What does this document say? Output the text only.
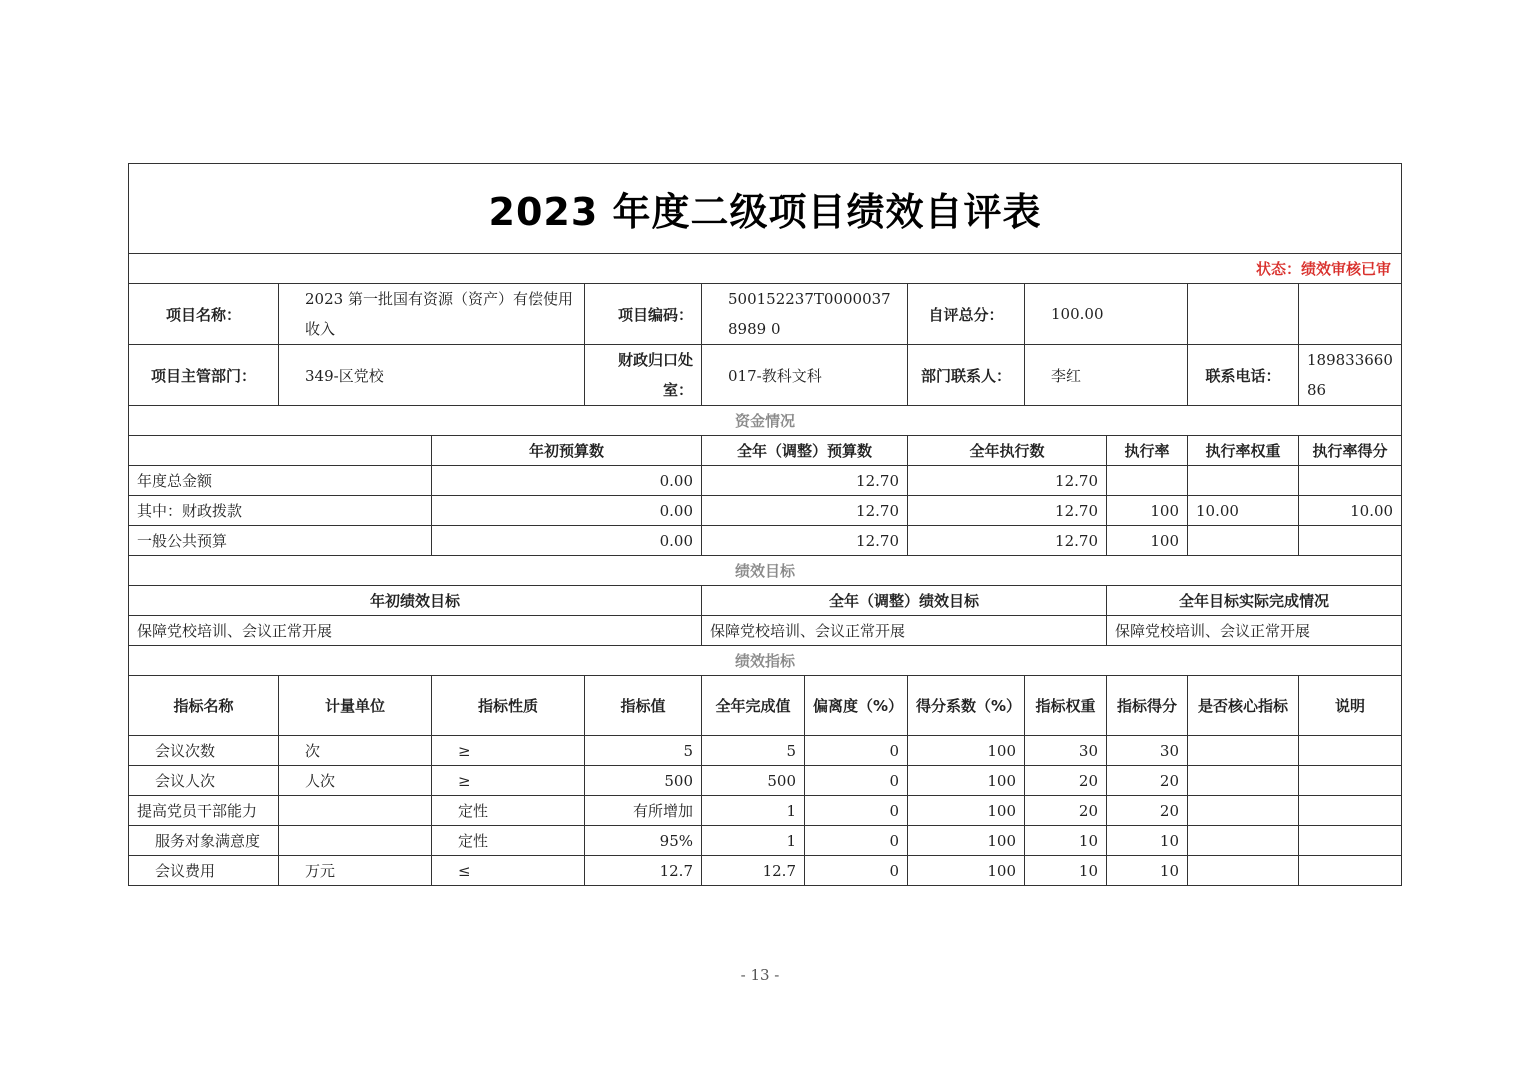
2023 年度二级项目绩效自评表										
状态：绩效审核已审										
项目名称：	2023 第一批国有资源（资产）有偿使用收入		项目编码：	500152237T00000378989 0		自评总分：	100.00			
项目主管部门：	349-区党校		财政归口处室：	017-教科文科		部门联系人：	李红		联系电话：	18983366086
资金情况										
		年初预算数		全年（调整）预算数		全年执行数		执行率	执行率权重	执行率得分
年度总金额		0.00		12.70		12.70				
其中：财政拨款		0.00		12.70		12.70		100	10.00	10.00
一般公共预算		0.00		12.70		12.70		100		
绩效目标										
年初绩效目标				全年（调整）绩效目标				全年目标实际完成情况		
保障党校培训、会议正常开展				保障党校培训、会议正常开展				保障党校培训、会议正常开展		
绩效指标										
指标名称	计量单位	指标性质	指标值	全年完成值	偏离度（%）	得分系数（%）	指标权重	指标得分	是否核心指标	说明
会议次数	次	≥	5	5	0	100	30	30		
会议人次	人次	≥	500	500	0	100	20	20		
提高党员干部能力		定性	有所增加	1	0	100	20	20		
服务对象满意度		定性	95%	1	0	100	10	10		
会议费用	万元	≤	12.7	12.7	0	100	10	10		
- 13 -
